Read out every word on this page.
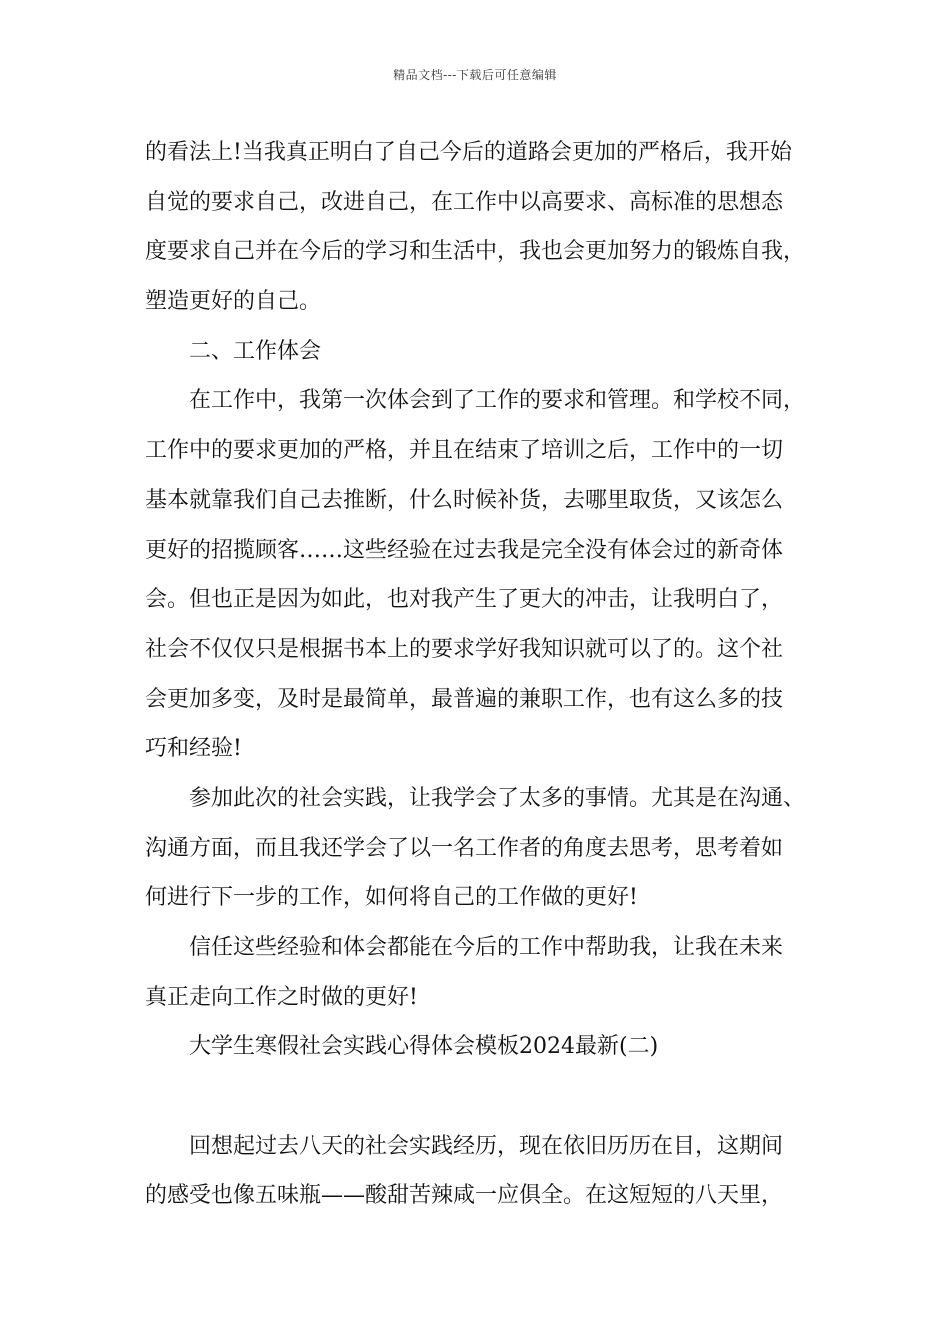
精品文档---下载后可任意编辑
的看法上!当我真正明白了自己今后的道路会更加的严格后，我开始
自觉的要求自己，改进自己，在工作中以高要求、高标准的思想态
度要求自己并在今后的学习和生活中，我也会更加努力的锻炼自我，
塑造更好的自己。
二、工作体会
在工作中，我第一次体会到了工作的要求和管理。和学校不同，
工作中的要求更加的严格，并且在结束了培训之后，工作中的一切
基本就靠我们自己去推断，什么时候补货，去哪里取货，又该怎么
更好的招揽顾客……这些经验在过去我是完全没有体会过的新奇体
会。但也正是因为如此，也对我产生了更大的冲击，让我明白了，
社会不仅仅只是根据书本上的要求学好我知识就可以了的。这个社
会更加多变，及时是最简单，最普遍的兼职工作，也有这么多的技
巧和经验!
参加此次的社会实践，让我学会了太多的事情。尤其是在沟通、
沟通方面，而且我还学会了以一名工作者的角度去思考，思考着如
何进行下一步的工作，如何将自己的工作做的更好!
信任这些经验和体会都能在今后的工作中帮助我，让我在未来
真正走向工作之时做的更好!
大学生寒假社会实践心得体会模板2024最新(二)
回想起过去八天的社会实践经历，现在依旧历历在目，这期间
的感受也像五味瓶——酸甜苦辣咸一应俱全。在这短短的八天里，
